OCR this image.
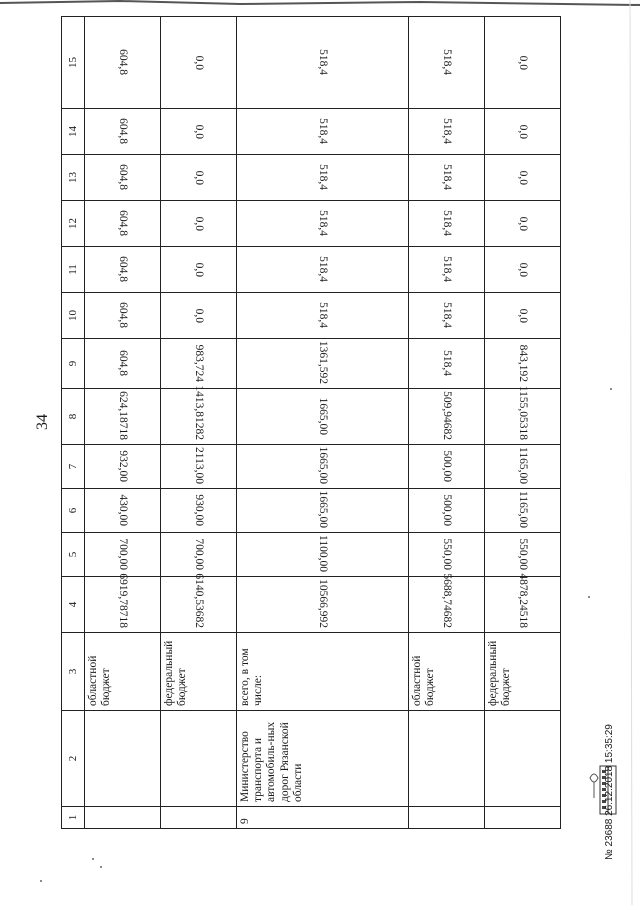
34
1	2	3	4	5	6	7	8	9	10	11	12	13	14	15
		областной бюджет	6919,78718	700,00	430,00	932,00	624,18718	604,8	604,8	604,8	604,8	604,8	604,8	604,8
		федеральный бюджет	6140,53682	700,00	930,00	2113,00	1413,81282	983,724	0,0	0,0	0,0	0,0	0,0	0,0
9	Министерство транспорта и автомобиль-ных дорог Рязанской области	всего, в том числе:	10566,992	1100,00	1665,00	1665,00	1665,00	1361,592	518,4	518,4	518,4	518,4	518,4	518,4
		областной бюджет	5688,74682	550,00	500,00	500,00	509,94682	518,4	518,4	518,4	518,4	518,4	518,4	518,4
		федеральный бюджет	4878,24518	550,00	1165,00	1165,00	1155,05318	843,192	0,0	0,0	0,0	0,0	0,0	0,0
№ 23688 26.12.2018 15:35:29
